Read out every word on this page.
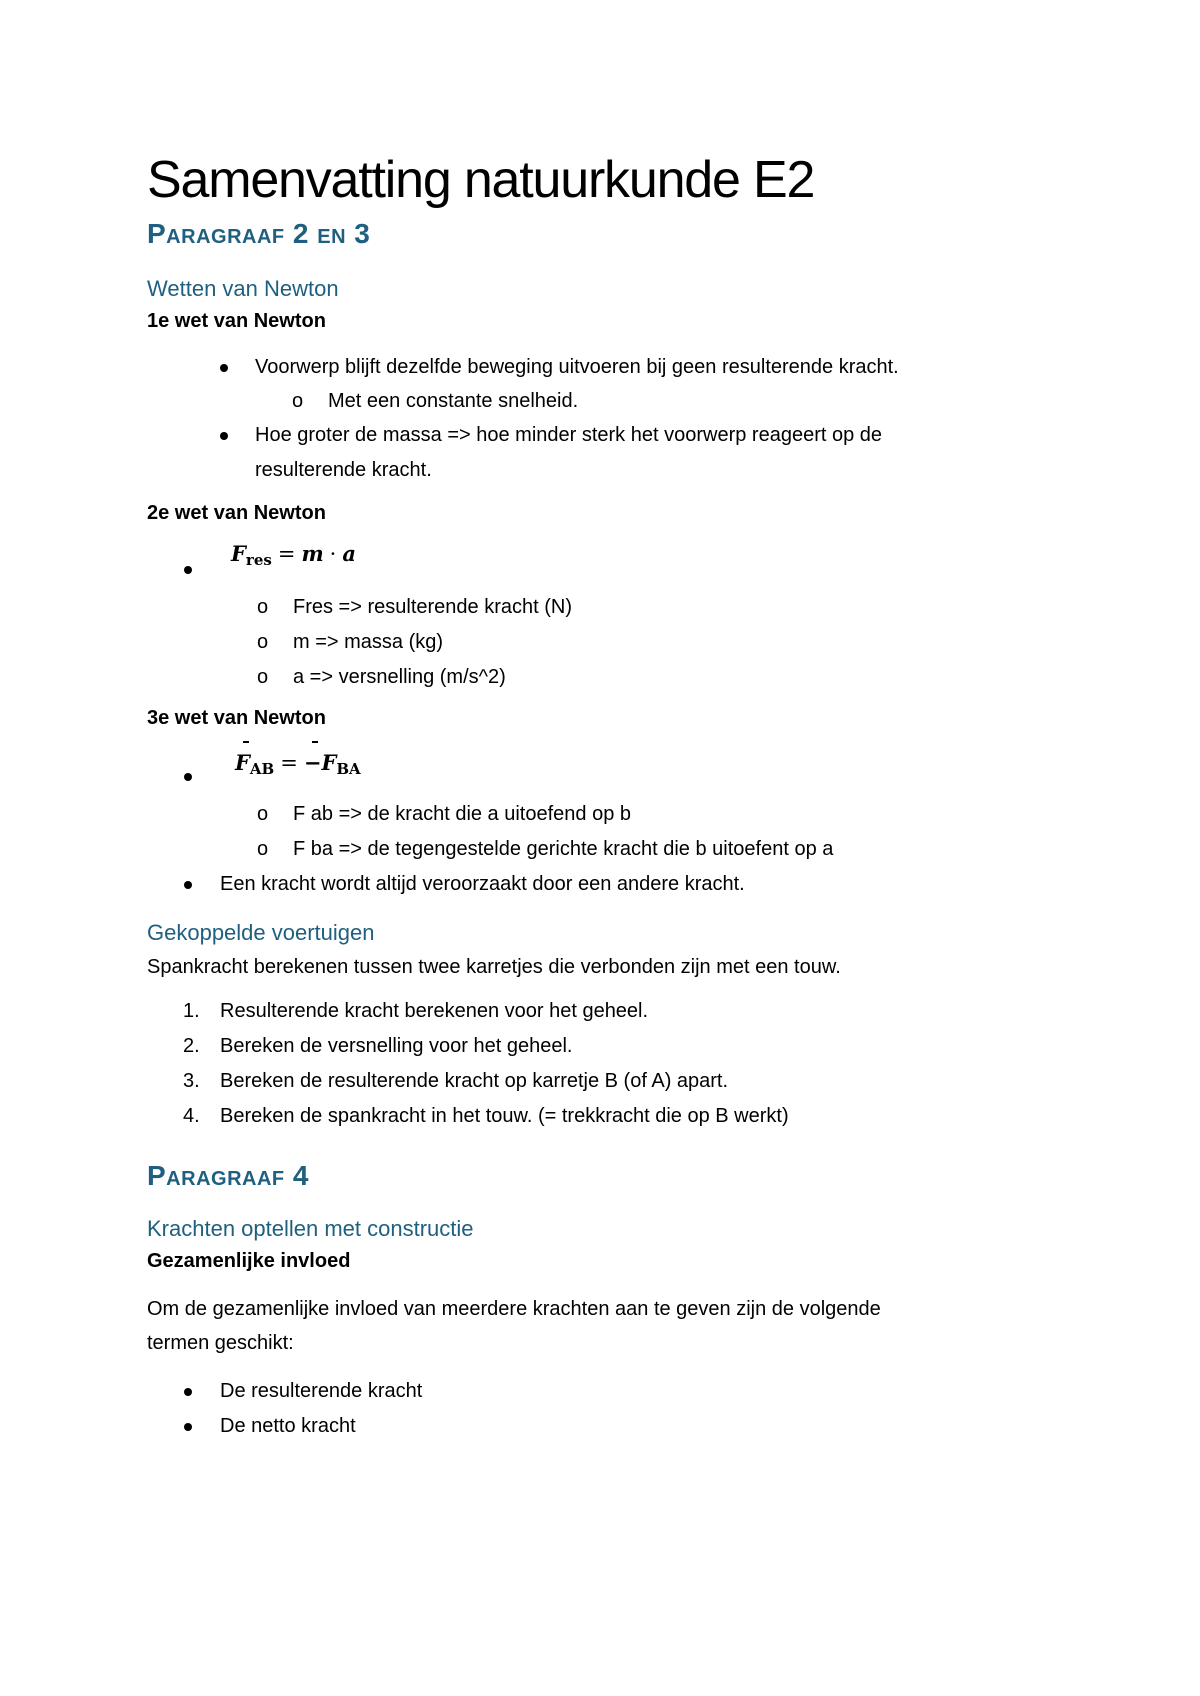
Samenvatting natuurkunde E2
Paragraaf 2 en 3
Wetten van Newton
1e wet van Newton
Voorwerp blijft dezelfde beweging uitvoeren bij geen resulterende kracht.
o Met een constante snelheid.
Hoe groter de massa => hoe minder sterk het voorwerp reageert op de
resulterende kracht.
2e wet van Newton
$F_{res} = m \cdot a$
o Fres => resulterende kracht (N)
o m => massa (kg)
o a => versnelling (m/s^2)
3e wet van Newton
$F_{AB} = -F_{BA}$
o F ab => de kracht die a uitoefend op b
o F ba => de tegengestelde gerichte kracht die b uitoefent op a
Een kracht wordt altijd veroorzaakt door een andere kracht.
Gekoppelde voertuigen

Spankracht berekenen tussen twee karretjes die verbonden zijn met een touw.

1. Resulterende kracht berekenen voor het geheel.
2. Bereken de versnelling voor het geheel.
3. Bereken de resulterende kracht op karretje B (of A) apart.
4. Bereken de spankracht in het touw. (= trekkracht die op B werkt)
Paragraaf 4
Krachten optellen met constructie
Gezamenlijke invloed

Om de gezamenlijke invloed van meerdere krachten aan te geven zijn de volgende
termen geschikt:

De resulterende kracht
De netto kracht
